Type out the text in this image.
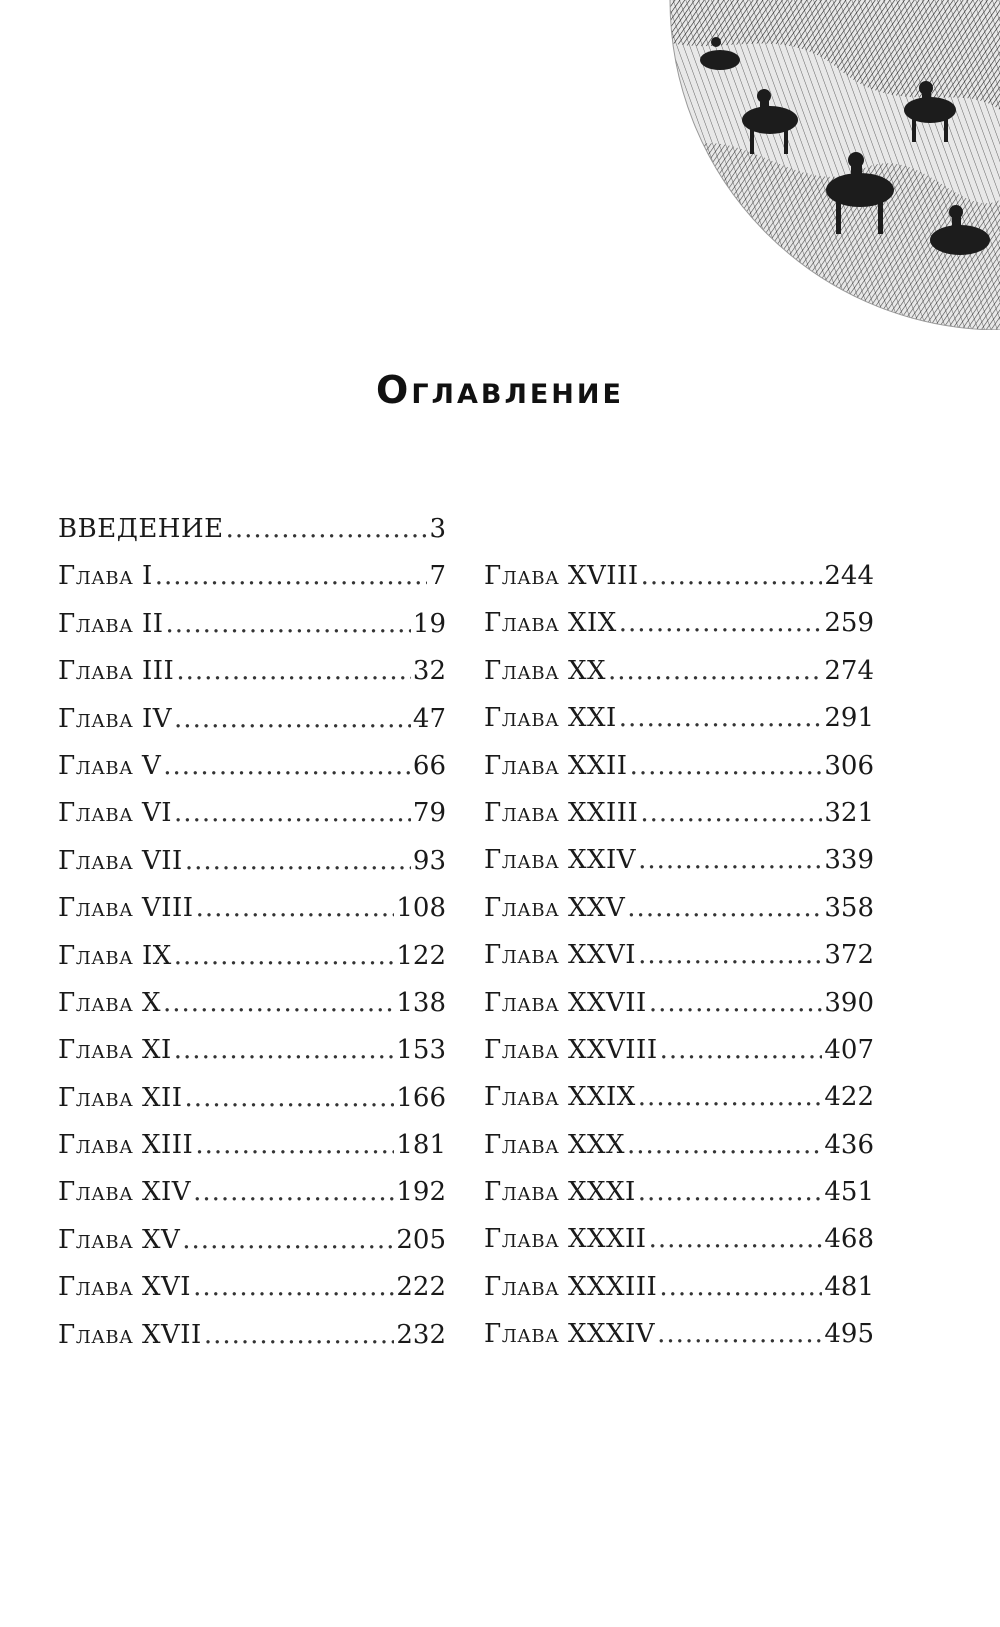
Оглавление
ВВЕДЕНИЕ .....	3
Глава I .....	7
Глава II .....	19
Глава III .....	32
Глава IV .....	47
Глава V .....	66
Глава VI .....	79
Глава VII .....	93
Глава VIII .....	108
Глава IX .....	122
Глава X .....	138
Глава XI .....	153
Глава XII .....	166
Глава XIII .....	181
Глава XIV .....	192
Глава XV .....	205
Глава XVI .....	222
Глава XVII .....	232
Глава XVIII .....	244
Глава XIX .....	259
Глава XX .....	274
Глава XXI .....	291
Глава XXII .....	306
Глава XXIII .....	321
Глава XXIV .....	339
Глава XXV .....	358
Глава XXVI .....	372
Глава XXVII .....	390
Глава XXVIII .....	407
Глава XXIX .....	422
Глава XXX .....	436
Глава XXXI .....	451
Глава XXXII .....	468
Глава XXXIII .....	481
Глава XXXIV .....	495
